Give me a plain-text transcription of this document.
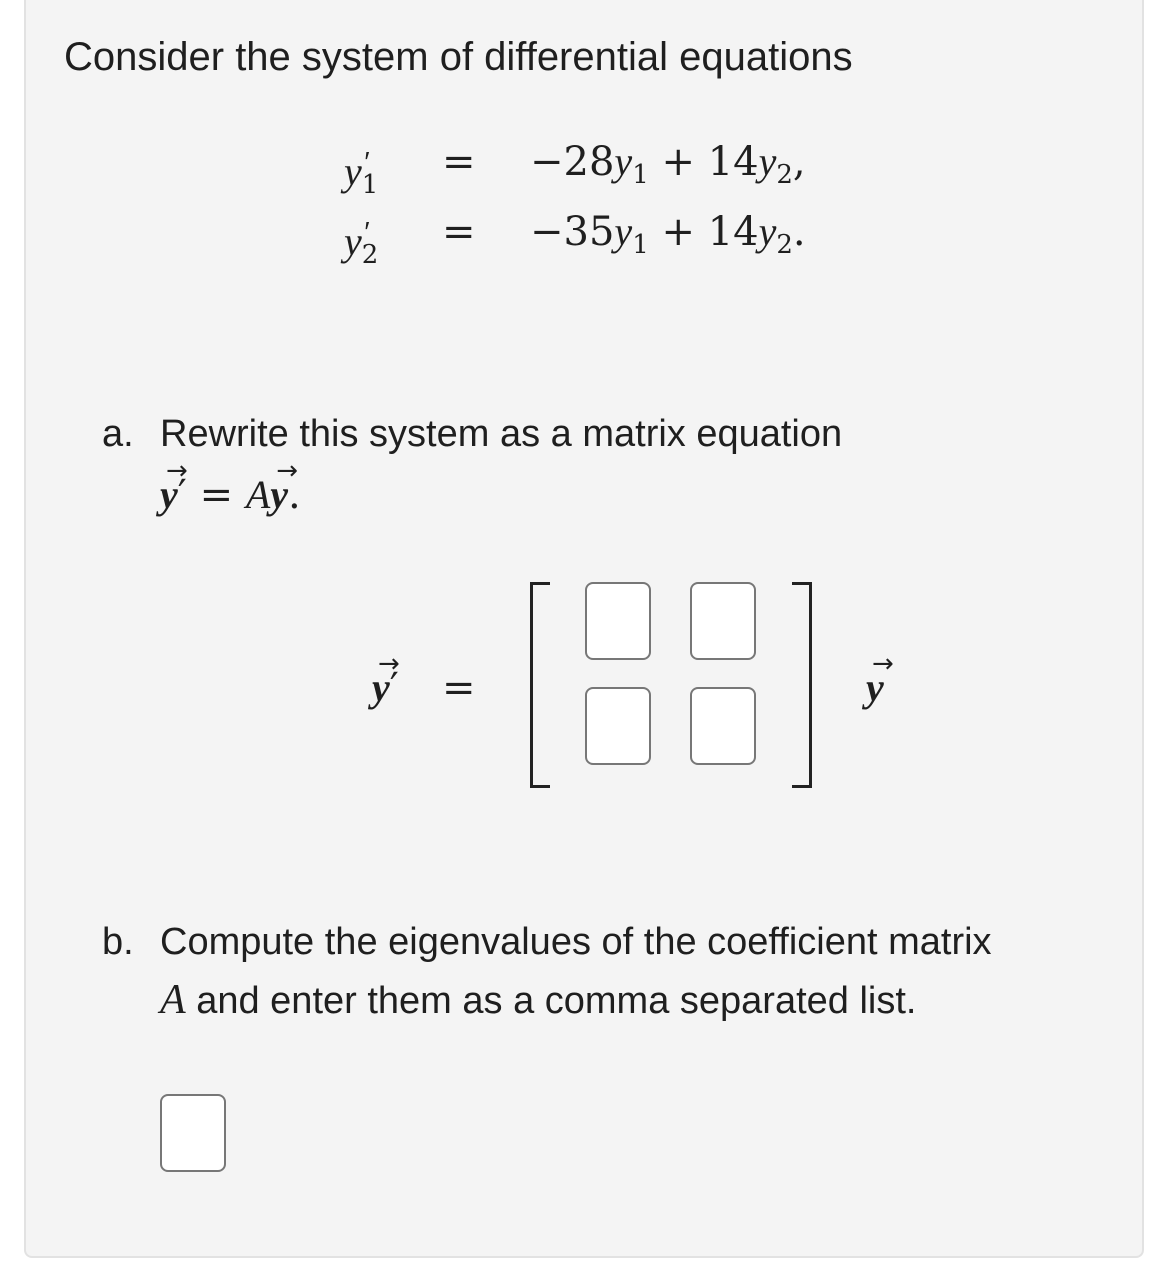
Consider the system of differential equations

$y_1' = -28y_1 + 14y_2$,
$y_2' = -35y_1 + 14y_2$.
a. Rewrite this system as a matrix equation
→ y′ = A→ y.
→ y′ =
→	y
b. Compute the eigenvalues of the coefficient matrix
A and enter them as a comma separated list.
